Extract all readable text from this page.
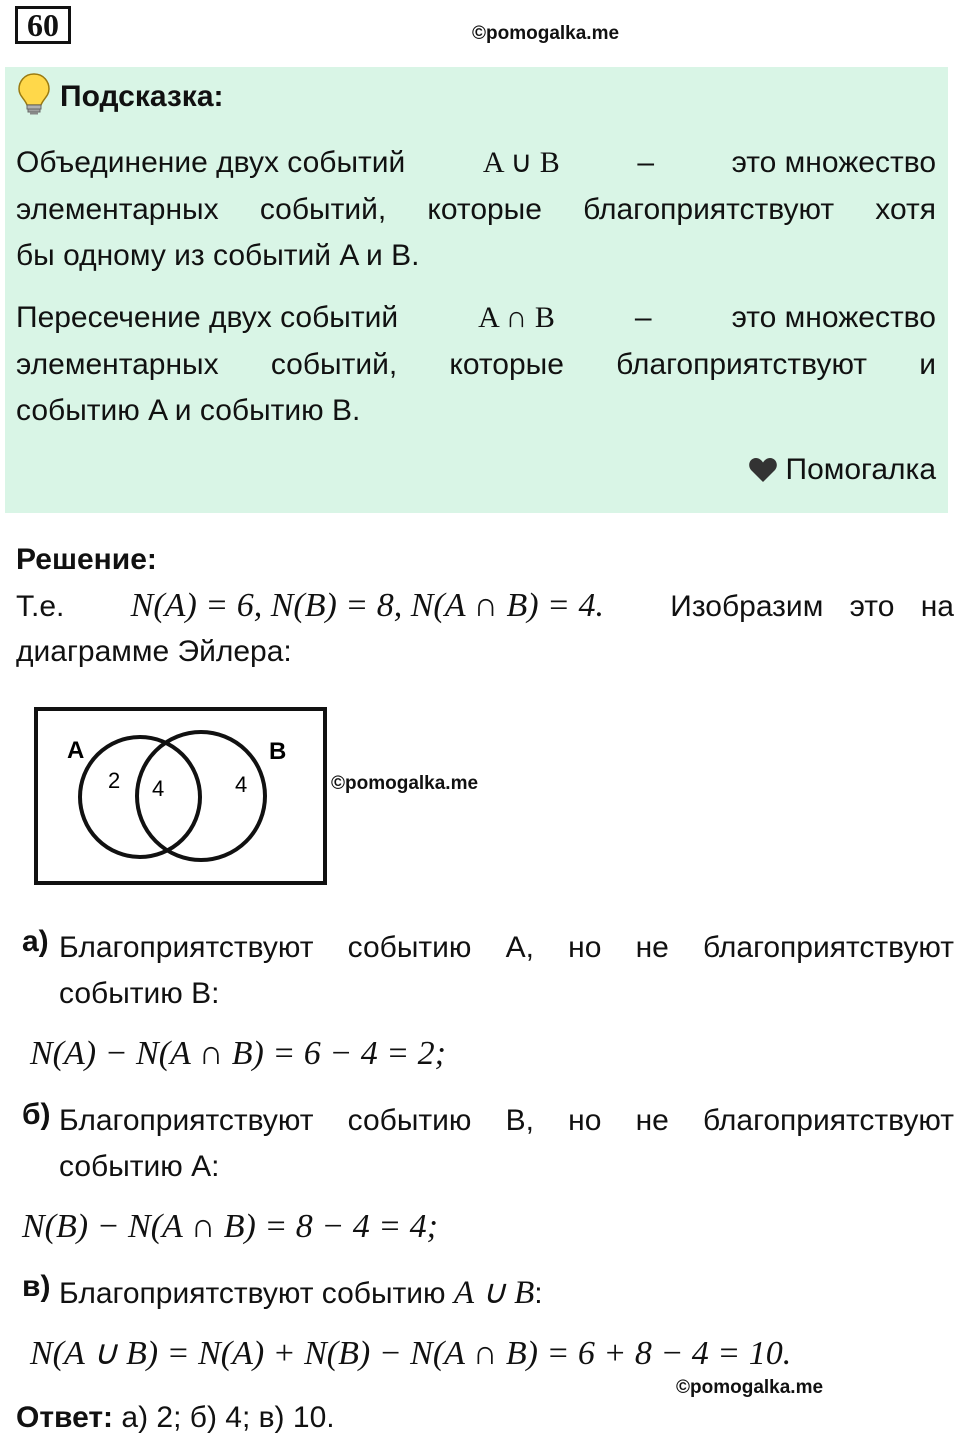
60	©pomogalka.me
Подсказка:
Объединение двух событий	A ∪ B	–	это множество
элементарных событий, которые благоприятствуют хотя
бы одному из событий A и B.
Пересечение двух событий	A ∩ B	–	это множество
элементарных событий, которые благоприятствуют и
событию A и событию B.
Помогалка
Решение:
Т.е. N(A) = 6, N(B) = 8, N(A ∩ B) = 4. Изобразим это на
диаграмме Эйлера:
A	B
2 4	4	©pomogalka.me
а) Благоприятствуют событию А, но не благоприятствуют
событию В:
N(A) − N(A ∩ B) = 6 − 4 = 2;
б) Благоприятствуют событию В, но не благоприятствуют
событию А:
N(B) − N(A ∩ B) = 8 − 4 = 4;
в) Благоприятствуют событию A ∪ B:
N(A ∪ B) = N(A) + N(B) − N(A ∩ B) = 6 + 8 − 4 = 10.
©pomogalka.me
Ответ: а) 2; б) 4; в) 10.
